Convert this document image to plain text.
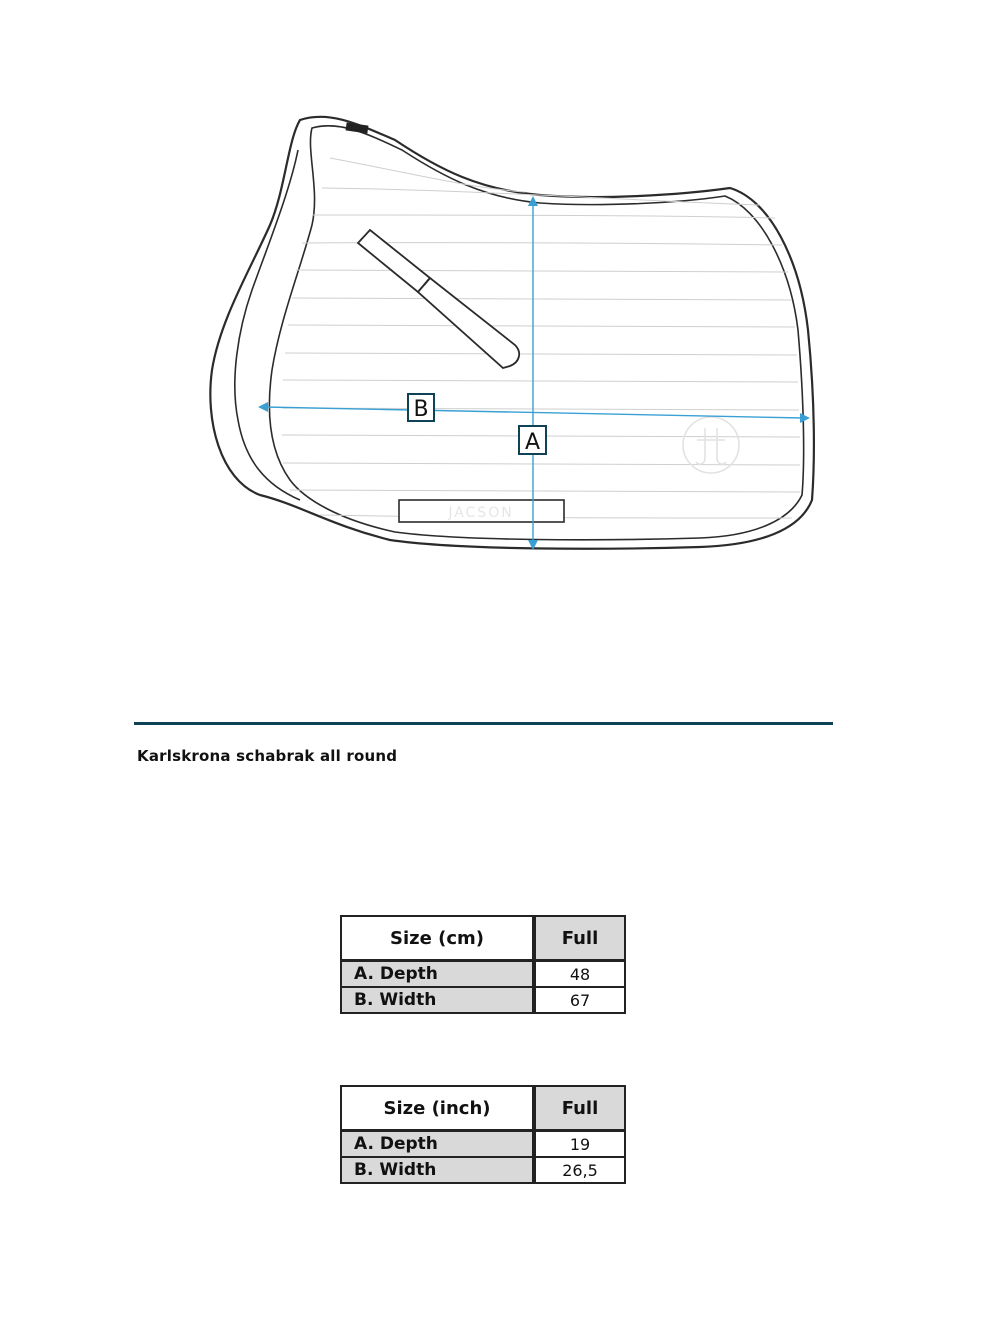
JACSON
A
B
Karlskrona schabrak all round
Size (cm)	Full
A. Depth	48
B. Width	67
Size (inch)	Full
A. Depth	19
B. Width	26,5
